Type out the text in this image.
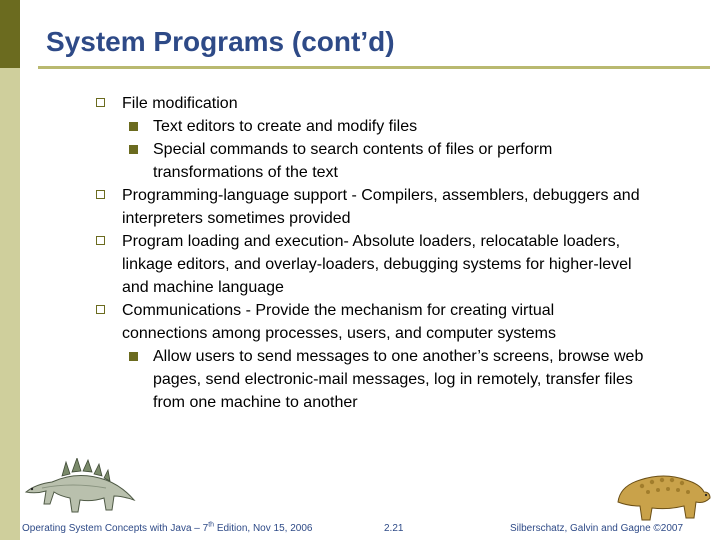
System Programs (cont’d)
File modification
Text editors to create and modify files
Special commands to search contents of files or perform transformations of the text
Programming-language support - Compilers, assemblers, debuggers and interpreters sometimes provided
Program loading and execution- Absolute loaders, relocatable loaders, linkage editors, and overlay-loaders, debugging systems for higher-level and machine language
Communications - Provide the mechanism for creating virtual connections among processes, users, and computer systems
Allow users to send messages to one another’s screens, browse web pages, send electronic-mail messages, log in remotely, transfer files from one machine to another
Operating System Concepts with Java – 7th Edition, Nov 15, 2006	2.21	Silberschatz, Galvin and Gagne ©2007
